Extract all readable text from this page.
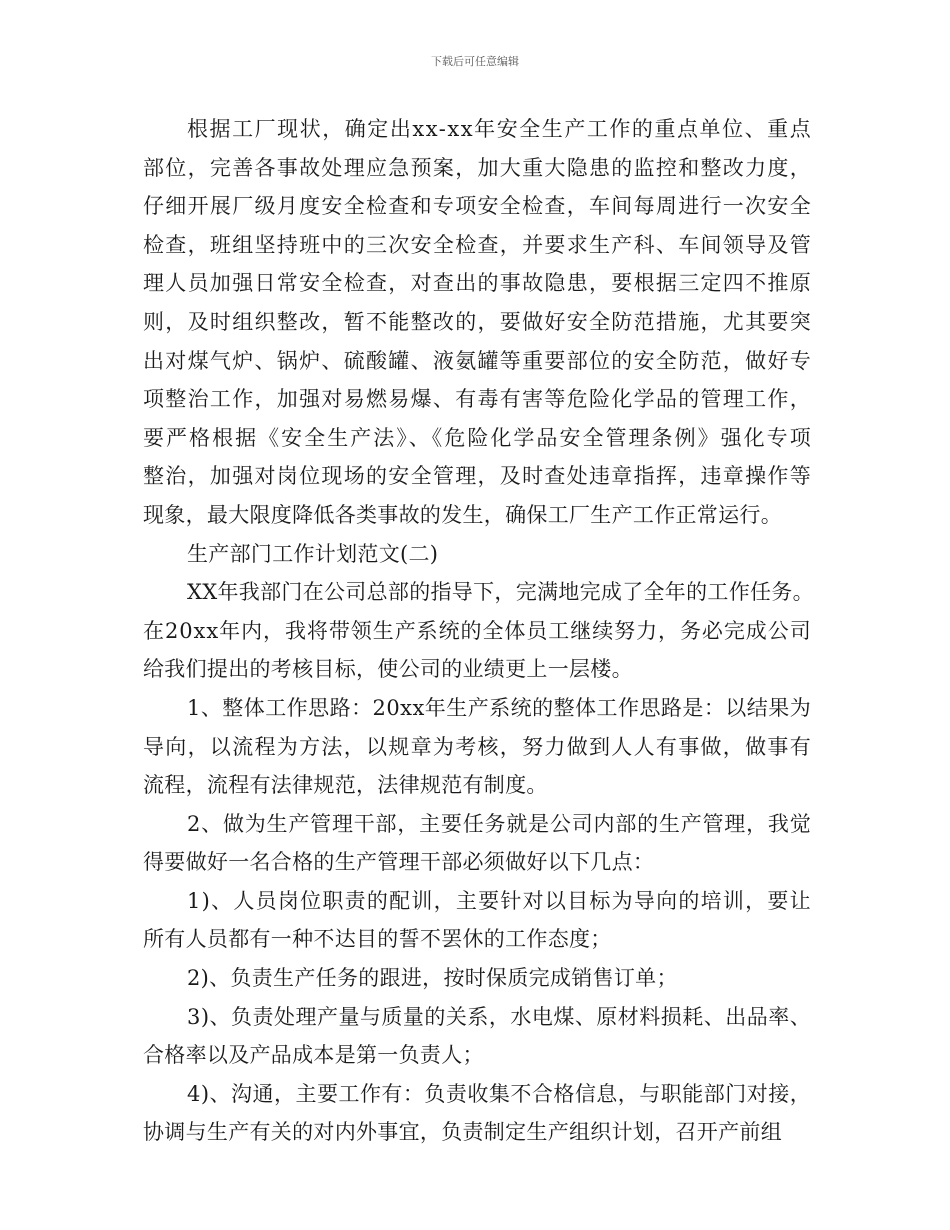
下载后可任意编辑
根据工厂现状，确定出xx-xx年安全生产工作的重点单位、重点
部位，完善各事故处理应急预案，加大重大隐患的监控和整改力度，
仔细开展厂级月度安全检查和专项安全检查，车间每周进行一次安全
检查，班组坚持班中的三次安全检查，并要求生产科、车间领导及管
理人员加强日常安全检查，对查出的事故隐患，要根据三定四不推原
则，及时组织整改，暂不能整改的，要做好安全防范措施，尤其要突
出对煤气炉、锅炉、硫酸罐、液氨罐等重要部位的安全防范，做好专
项整治工作，加强对易燃易爆、有毒有害等危险化学品的管理工作，
要严格根据《安全生产法》、《危险化学品安全管理条例》强化专项
整治，加强对岗位现场的安全管理，及时查处违章指挥，违章操作等
现象，最大限度降低各类事故的发生，确保工厂生产工作正常运行。
生产部门工作计划范文(二)
XX年我部门在公司总部的指导下，完满地完成了全年的工作任务。
在20xx年内，我将带领生产系统的全体员工继续努力，务必完成公司
给我们提出的考核目标，使公司的业绩更上一层楼。
1、整体工作思路：20xx年生产系统的整体工作思路是：以结果为
导向，以流程为方法，以规章为考核，努力做到人人有事做，做事有
流程，流程有法律规范，法律规范有制度。
2、做为生产管理干部，主要任务就是公司内部的生产管理，我觉
得要做好一名合格的生产管理干部必须做好以下几点：
1)、人员岗位职责的配训，主要针对以目标为导向的培训，要让
所有人员都有一种不达目的誓不罢休的工作态度；
2)、负责生产任务的跟进，按时保质完成销售订单；
3)、负责处理产量与质量的关系，水电煤、原材料损耗、出品率、
合格率以及产品成本是第一负责人；
4)、沟通，主要工作有：负责收集不合格信息，与职能部门对接，
协调与生产有关的对内外事宜，负责制定生产组织计划，召开产前组
